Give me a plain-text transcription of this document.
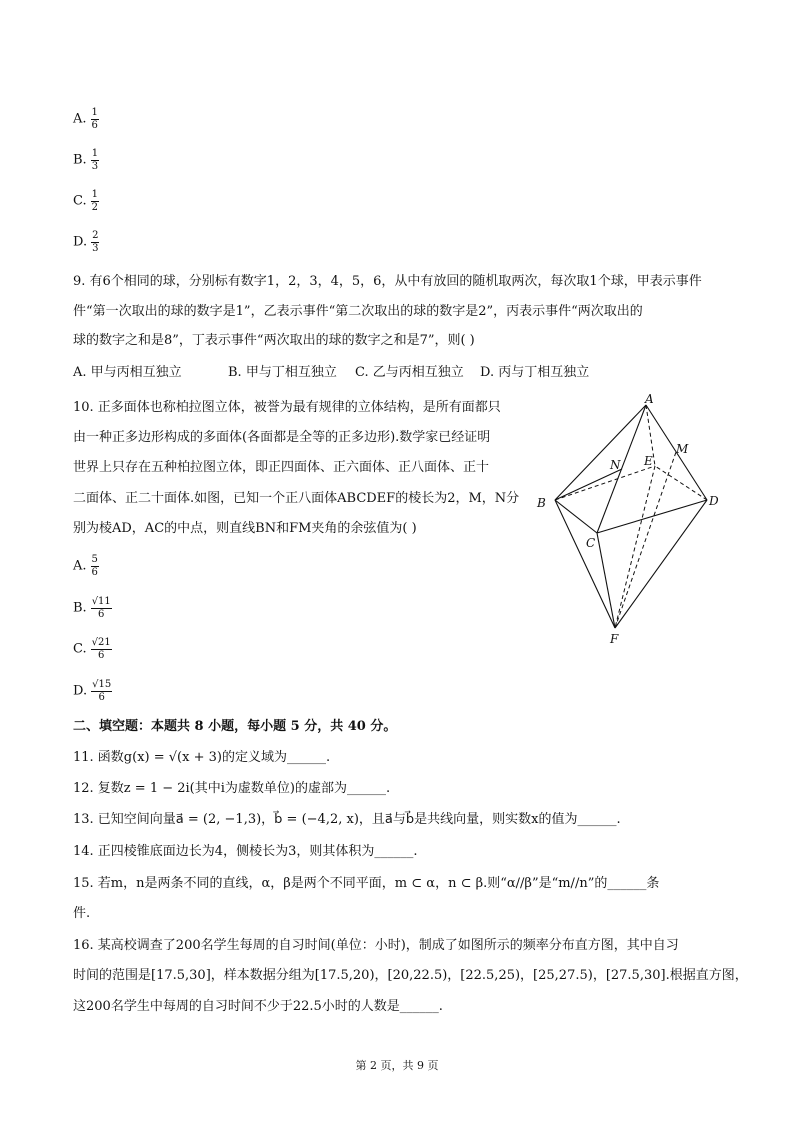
A. $\frac{1}{6}$
B. $\frac{1}{3}$
C. $\frac{1}{2}$
D. $\frac{2}{3}$
9. 有6个相同的球，分别标有数字1，2，3，4，5，6，从中有放回的随机取两次，每次取1个球，甲表示事件
件“第一次取出的球的数字是1”，乙表示事件“第二次取出的球的数字是2”，丙表示事件“两次取出的
球的数字之和是8”，丁表示事件“两次取出的球的数字之和是7”，则( )
A. 甲与丙相互独立	B. 甲与丁相互独立 C. 乙与丙相互独立 D. 丙与丁相互独立
10. 正多面体也称柏拉图立体，被誉为最有规律的立体结构，是所有面都只
由一种正多边形构成的多面体(各面都是全等的正多边形).数学家已经证明
世界上只存在五种柏拉图立体，即正四面体、正六面体、正八面体、正十
二面体、正二十面体.如图，已知一个正八面体ABCDEF的棱长为2，M，N分
别为棱AD，AC的中点，则直线BN和FM夹角的余弦值为( )
A. $\frac{5}{6}$
B. $\frac{√11}{6}$
C. $\frac{√21}{6}$
D. $\frac{√15}{6}$
A
B
C
D
E
F
M
N
二、填空题：本题共 8 小题，每小题 5 分，共 40 分。
11. 函数g(x) = √(x + 3)的定义域为______.
12. 复数z = 1 − 2i(其中i为虚数单位)的虚部为______.
13. 已知空间向量a⃗ = (2, −1,3)，b⃗ = (−4,2, x)，且a⃗与b⃗是共线向量，则实数x的值为______.
14. 正四棱锥底面边长为4，侧棱长为3，则其体积为______.
15. 若m，n是两条不同的直线，α，β是两个不同平面，m ⊂ α，n ⊂ β.则“α//β”是“m//n”的______条
件.
16. 某高校调查了200名学生每周的自习时间(单位：小时)，制成了如图所示的频率分布直方图，其中自习
时间的范围是[17.5,30]，样本数据分组为[17.5,20)，[20,22.5)，[22.5,25)，[25,27.5)，[27.5,30].根据直方图，
这200名学生中每周的自习时间不少于22.5小时的人数是______.
第 2 页，共 9 页
